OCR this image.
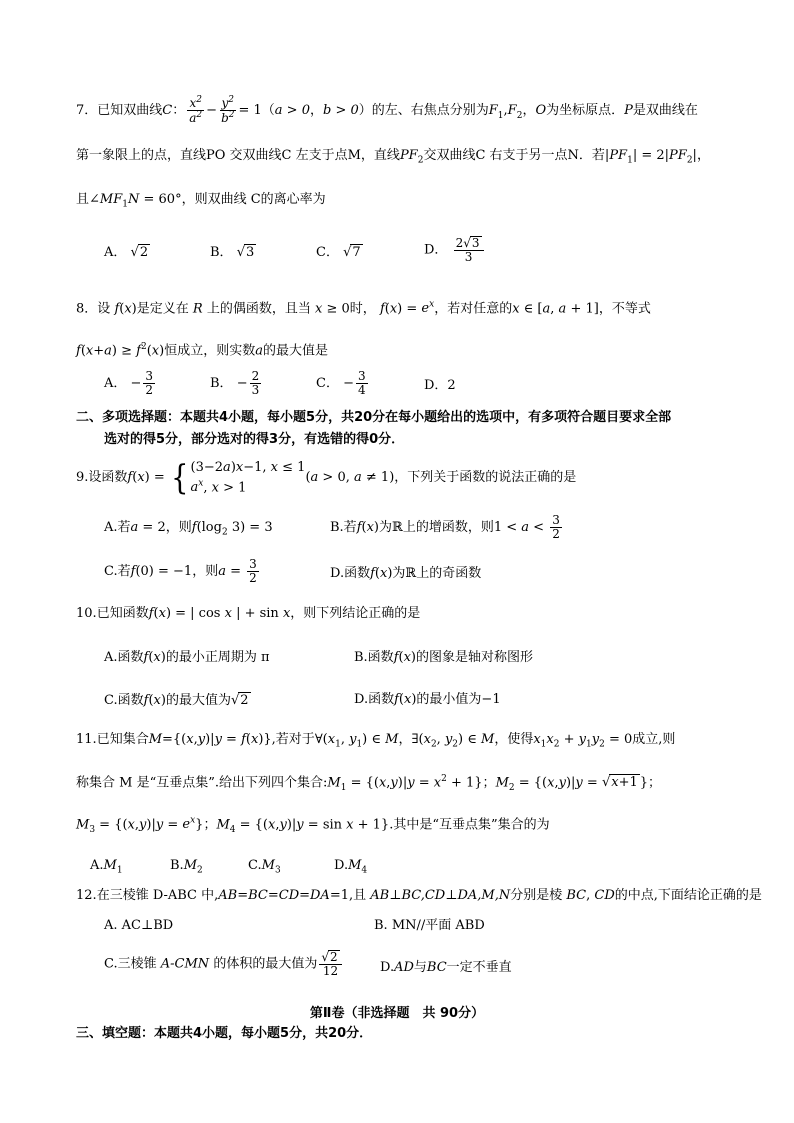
7．已知双曲线C： $\frac{x^2}{a^2} - \frac{y^2}{b^2} = 1(a > 0$，b > 0）的左、右焦点分别为$F_1,F_2$，O为坐标原点．P是双曲线在
第一象限上的点，直线PO 交双曲线C 左支于点M，直线$PF_2$交双曲线C 右支于另一点N．若$|PF_1| = 2|PF_2|$，
且$\angle MF_1N = 60^\circ$，则双曲线 C的离心率为
A． √2	B． √3	C． √7	D． $\frac{2√3}{3}$
8．设 f(x)是定义在 R 上的偶函数，且当 x ≥ 0时， $f(x) = e^x$，若对任意的x ∈ [a, a + 1]，不等式
$f(x+a) \ge f^2(x)$恒成立，则实数a的最大值是
A． − $\frac{3}{2}$	B． − $\frac{2}{3}$	C． − $\frac{3}{4}$	D．2
二、多项选择题：本题共4小题，每小题5分，共20分在每小题给出的选项中，有多项符合题目要求全部
选对的得5分，部分选对的得3分，有选错的得0分．
9.设函数f(x) = { (3−2a)x−1, x ≤ 1
$a^x$, x > 1(a > 0, a ≠ 1)，下列关于函数的说法正确的是
A.若a = 2，则$f(\log_2$ 3) = 3	B.若f(x)为ℝ上的增函数，则$1 < a < \frac{3}{2}$
C.若f(0) = −1，则$a = \frac{3}{2}$	D.函数f(x)为ℝ上的奇函数
10.已知函数f(x) = | cos x | + sin x，则下列结论正确的是
A.函数f(x)的最小正周期为 π	B.函数f(x)的图象是轴对称图形
C.函数f(x)的最大值为√2	D.函数f(x)的最小值为−1
11.已知集合M={(x,y)|y = f(x)},若对于$\forall(x_1$, $y_1$) ∈ M，$\exists(x_2$, $y_2$) ∈ M，使得$x_1x_2 + y_1y_2 = 0$成立,则
称集合 M 是“互垂点集”.给出下列四个集合$:M_1 = \{(x,y)|y = x^2 + 1\}$；$M_2 = \{(x,y)|y = √x+1$ }；
$M_3 = \{(x,y)|y = e^x\}$；$M_4 = \{(x,y)|y = \sin x + 1\}$.其中是“互垂点集”集合的为
$A.M_1$	$B.M_2$	$C.M_3$	$D.M_4$
12.在三棱锥 D-ABC 中,AB=BC=CD=DA=1,且 AB⊥BC,CD⊥DA,M,N分别是棱 BC, CD的中点,下面结论正确的是
A. AC⊥BD	B. MN//平面 ABD
C.三棱锥 A-CMN 的体积的最大值为 $\frac{√2}{12}$	D.AD与BC一定不垂直
第Ⅱ卷（非选择题　共 90分）
三、填空题：本题共4小题，每小题5分，共20分．
